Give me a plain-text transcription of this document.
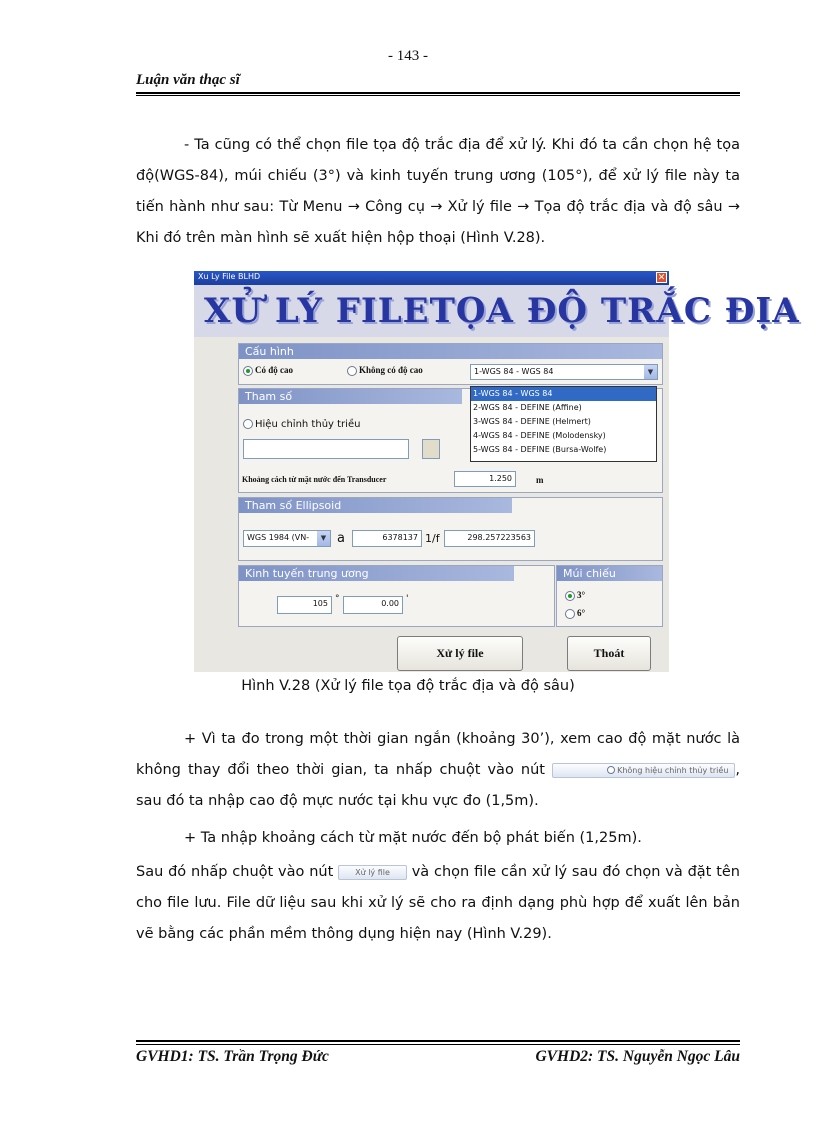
- 143 -
Luận văn thạc sĩ
- Ta cũng có thể chọn file tọa độ trắc địa để xử lý. Khi đó ta cần chọn hệ tọa độ(WGS-84), múi chiếu (3°) và kinh tuyến trung ương (105°), để xử lý file này ta tiến hành như sau: Từ Menu → Công cụ → Xử lý file → Tọa độ trắc địa và độ sâu → Khi đó trên màn hình sẽ xuất hiện hộp thoại (Hình V.28).
Xu Ly File BLHD	✕
XỬ LÝ FILETỌA ĐỘ TRẮC ĐỊA
Cấu hình
Có độ cao	Không có độ cao	1-WGS 84 - WGS 84	▼
Tham số
Hiệu chỉnh thủy triều
Khoảng cách từ mặt nước đến Transducer	1.250	m
1-WGS 84 - WGS 84
2-WGS 84 - DEFINE (Affine)
3-WGS 84 - DEFINE (Helmert)
4-WGS 84 - DEFINE (Molodensky)
5-WGS 84 - DEFINE (Bursa-Wolfe)
Tham số Ellipsoid
WGS 1984 (VN-	▼ a	6378137 1/f	298.257223563
Kinh tuyến trung ương
105 °	0.00 '
Múi chiếu
3°
6°
Xử lý file	Thoát
Hình V.28 (Xử lý file tọa độ trắc địa và độ sâu)
+ Vì ta đo trong một thời gian ngắn (khoảng 30’), xem cao độ mặt nước là không thay đổi theo thời gian, ta nhấp chuột vào nút	Không hiệu chỉnh thủy triều , sau đó ta nhập cao độ mực nước tại khu vực đo (1,5m).
+ Ta nhập khoảng cách từ mặt nước đến bộ phát biến (1,25m).
Sau đó nhấp chuột vào nút	Xử lý file và chọn file cần xử lý sau đó chọn và đặt tên cho file lưu. File dữ liệu sau khi xử lý sẽ cho ra định dạng phù hợp để xuất lên bản vẽ bằng các phần mềm thông dụng hiện nay (Hình V.29).
GVHD1: TS. Trần Trọng Đức	GVHD2: TS. Nguyễn Ngọc Lâu
